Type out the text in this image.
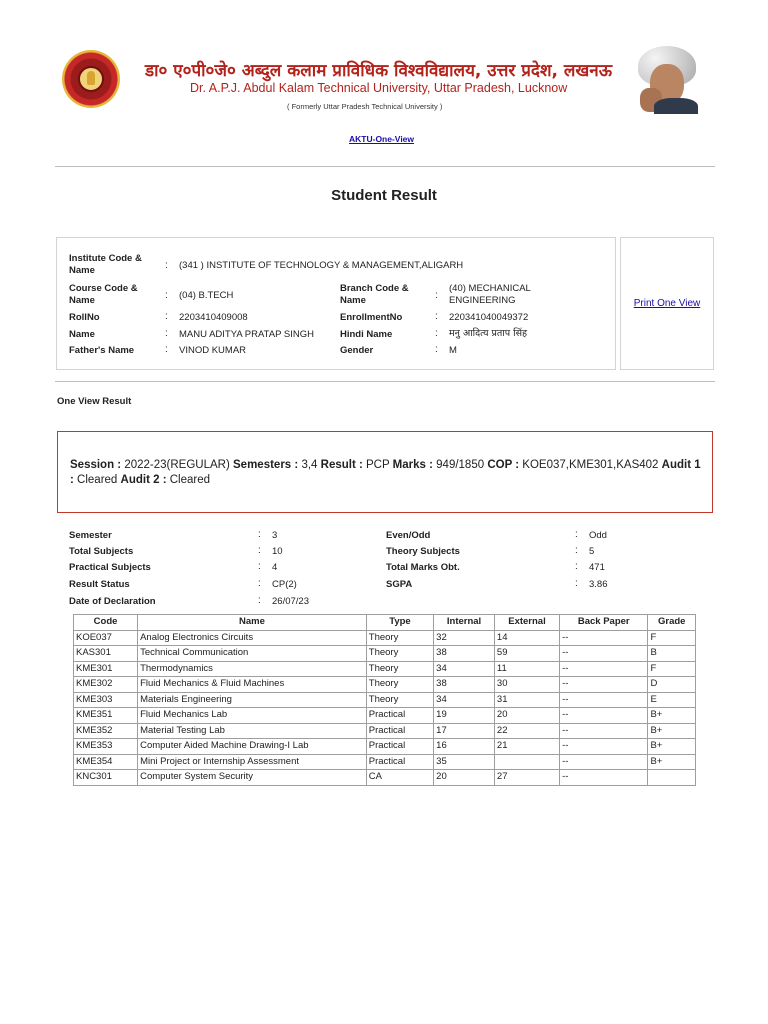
डा० ए०पी०जे० अब्दुल कलाम प्राविधिक विश्वविद्यालय, उत्तर प्रदेश, लखनऊ
Dr. A.P.J. Abdul Kalam Technical University, Uttar Pradesh, Lucknow
( Formerly Uttar Pradesh Technical University )
AKTU-One-View
Student Result
Institute Code & Name	: (341 ) INSTITUTE OF TECHNOLOGY & MANAGEMENT,ALIGARH
Course Code & Name	: (04) B.TECH
Branch Code & Name	:
(40) MECHANICAL ENGINEERING
RollNo	: 2203410409008	EnrollmentNo	: 220341040049372
Name	: MANU ADITYA PRATAP SINGH	Hindi Name	: मनु आदित्य प्रताप सिंह
Father's Name	: VINOD KUMAR	Gender	: M
Print One View
One View Result
Session : 2022-23(REGULAR) Semesters : 3,4 Result : PCP Marks : 949/1850 COP : KOE037,KME301,KAS402 Audit 1 : Cleared Audit 2 : Cleared
Semester	: 3	Even/Odd	: Odd
Total Subjects	: 10	Theory Subjects	: 5
Practical Subjects	: 4	Total Marks Obt.	: 471
Result Status	: CP(2)	SGPA	: 3.86
Date of Declaration	: 26/07/23
Code	Name	Type	Internal	External	Back Paper	Grade
KOE037	Analog Electronics Circuits	Theory	32	14	--	F
KAS301	Technical Communication	Theory	38	59	--	B
KME301	Thermodynamics	Theory	34	11	--	F
KME302	Fluid Mechanics & Fluid Machines	Theory	38	30	--	D
KME303	Materials Engineering	Theory	34	31	--	E
KME351	Fluid Mechanics Lab	Practical	19	20	--	B+
KME352	Material Testing Lab	Practical	17	22	--	B+
KME353	Computer Aided Machine Drawing-I Lab	Practical	16	21	--	B+
KME354	Mini Project or Internship Assessment	Practical	35		--	B+
KNC301	Computer System Security	CA	20	27	--	
